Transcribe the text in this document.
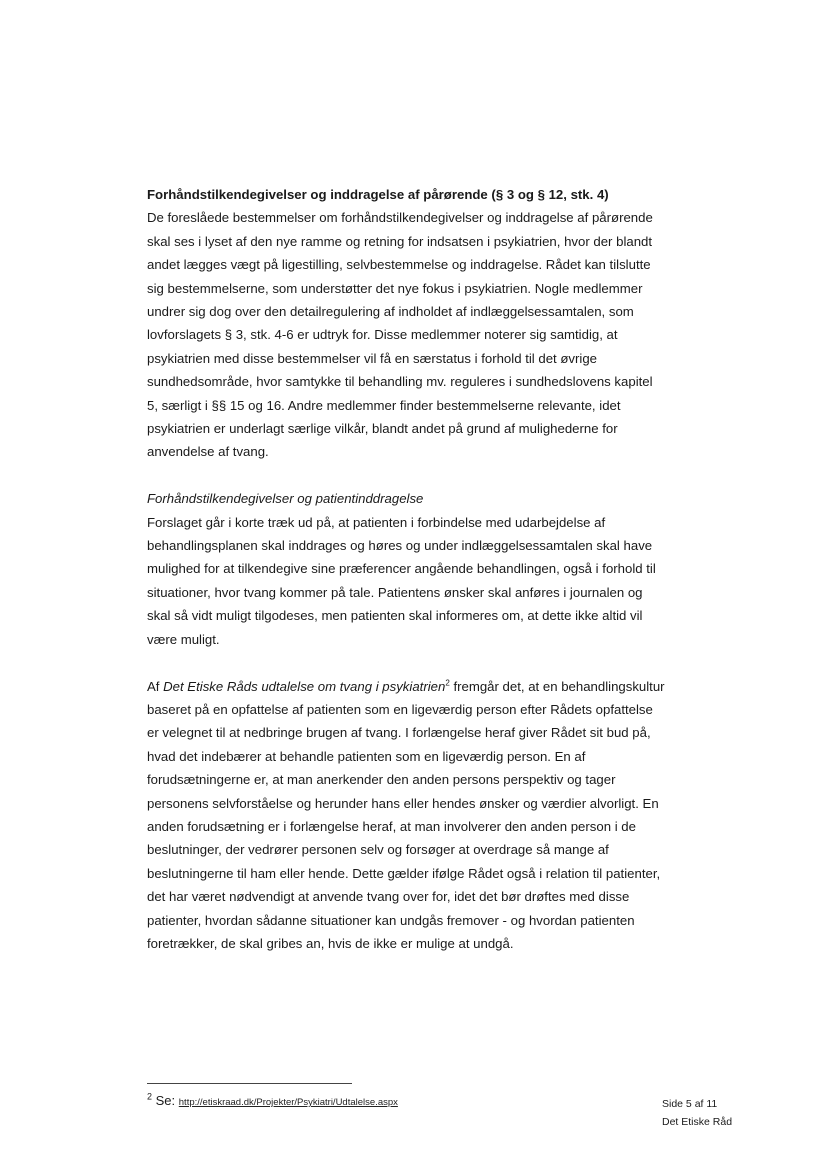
Forhåndstilkendegivelser og inddragelse af pårørende (§ 3 og § 12, stk. 4)

De foreslåede bestemmelser om forhåndstilkendegivelser og inddragelse af pårørende skal ses i lyset af den nye ramme og retning for indsatsen i psykiatrien, hvor der blandt andet lægges vægt på ligestilling, selvbestemmelse og inddragelse. Rådet kan tilslutte sig bestemmelserne, som understøtter det nye fokus i psykiatrien. Nogle medlemmer undrer sig dog over den detailregulering af indholdet af indlæggelsessamtalen, som lovforslagets § 3, stk. 4-6 er udtryk for. Disse medlemmer noterer sig samtidig, at psykiatrien med disse bestemmelser vil få en særstatus i forhold til det øvrige sundhedsområde, hvor samtykke til behandling mv. reguleres i sundhedslovens kapitel 5, særligt i §§ 15 og 16. Andre medlemmer finder bestemmelserne relevante, idet psykiatrien er underlagt særlige vilkår, blandt andet på grund af mulighederne for anvendelse af tvang.

Forhåndstilkendegivelser og patientinddragelse

Forslaget går i korte træk ud på, at patienten i forbindelse med udarbejdelse af behandlingsplanen skal inddrages og høres og under indlæggelsessamtalen skal have mulighed for at tilkendegive sine præferencer angående behandlingen, også i forhold til situationer, hvor tvang kommer på tale. Patientens ønsker skal anføres i journalen og skal så vidt muligt tilgodeses, men patienten skal informeres om, at dette ikke altid vil være muligt.

Af Det Etiske Råds udtalelse om tvang i psykiatrien$^2$ fremgår det, at en behandlingskultur baseret på en opfattelse af patienten som en ligeværdig person efter Rådets opfattelse er velegnet til at nedbringe brugen af tvang. I forlængelse heraf giver Rådet sit bud på, hvad det indebærer at behandle patienten som en ligeværdig person. En af forudsætningerne er, at man anerkender den anden persons perspektiv og tager personens selvforståelse og herunder hans eller hendes ønsker og værdier alvorligt. En anden forudsætning er i forlængelse heraf, at man involverer den anden person i de beslutninger, der vedrører personen selv og forsøger at overdrage så mange af beslutningerne til ham eller hende. Dette gælder ifølge Rådet også i relation til patienter, det har været nødvendigt at anvende tvang over for, idet det bør drøftes med disse patienter, hvordan sådanne situationer kan undgås fremover - og hvordan patienten foretrækker, de skal gribes an, hvis de ikke er mulige at undgå.

$^2$ Se: http://etiskraad.dk/Projekter/Psykiatri/Udtalelse.aspx	Side 5 af 11
Det Etiske Råd
